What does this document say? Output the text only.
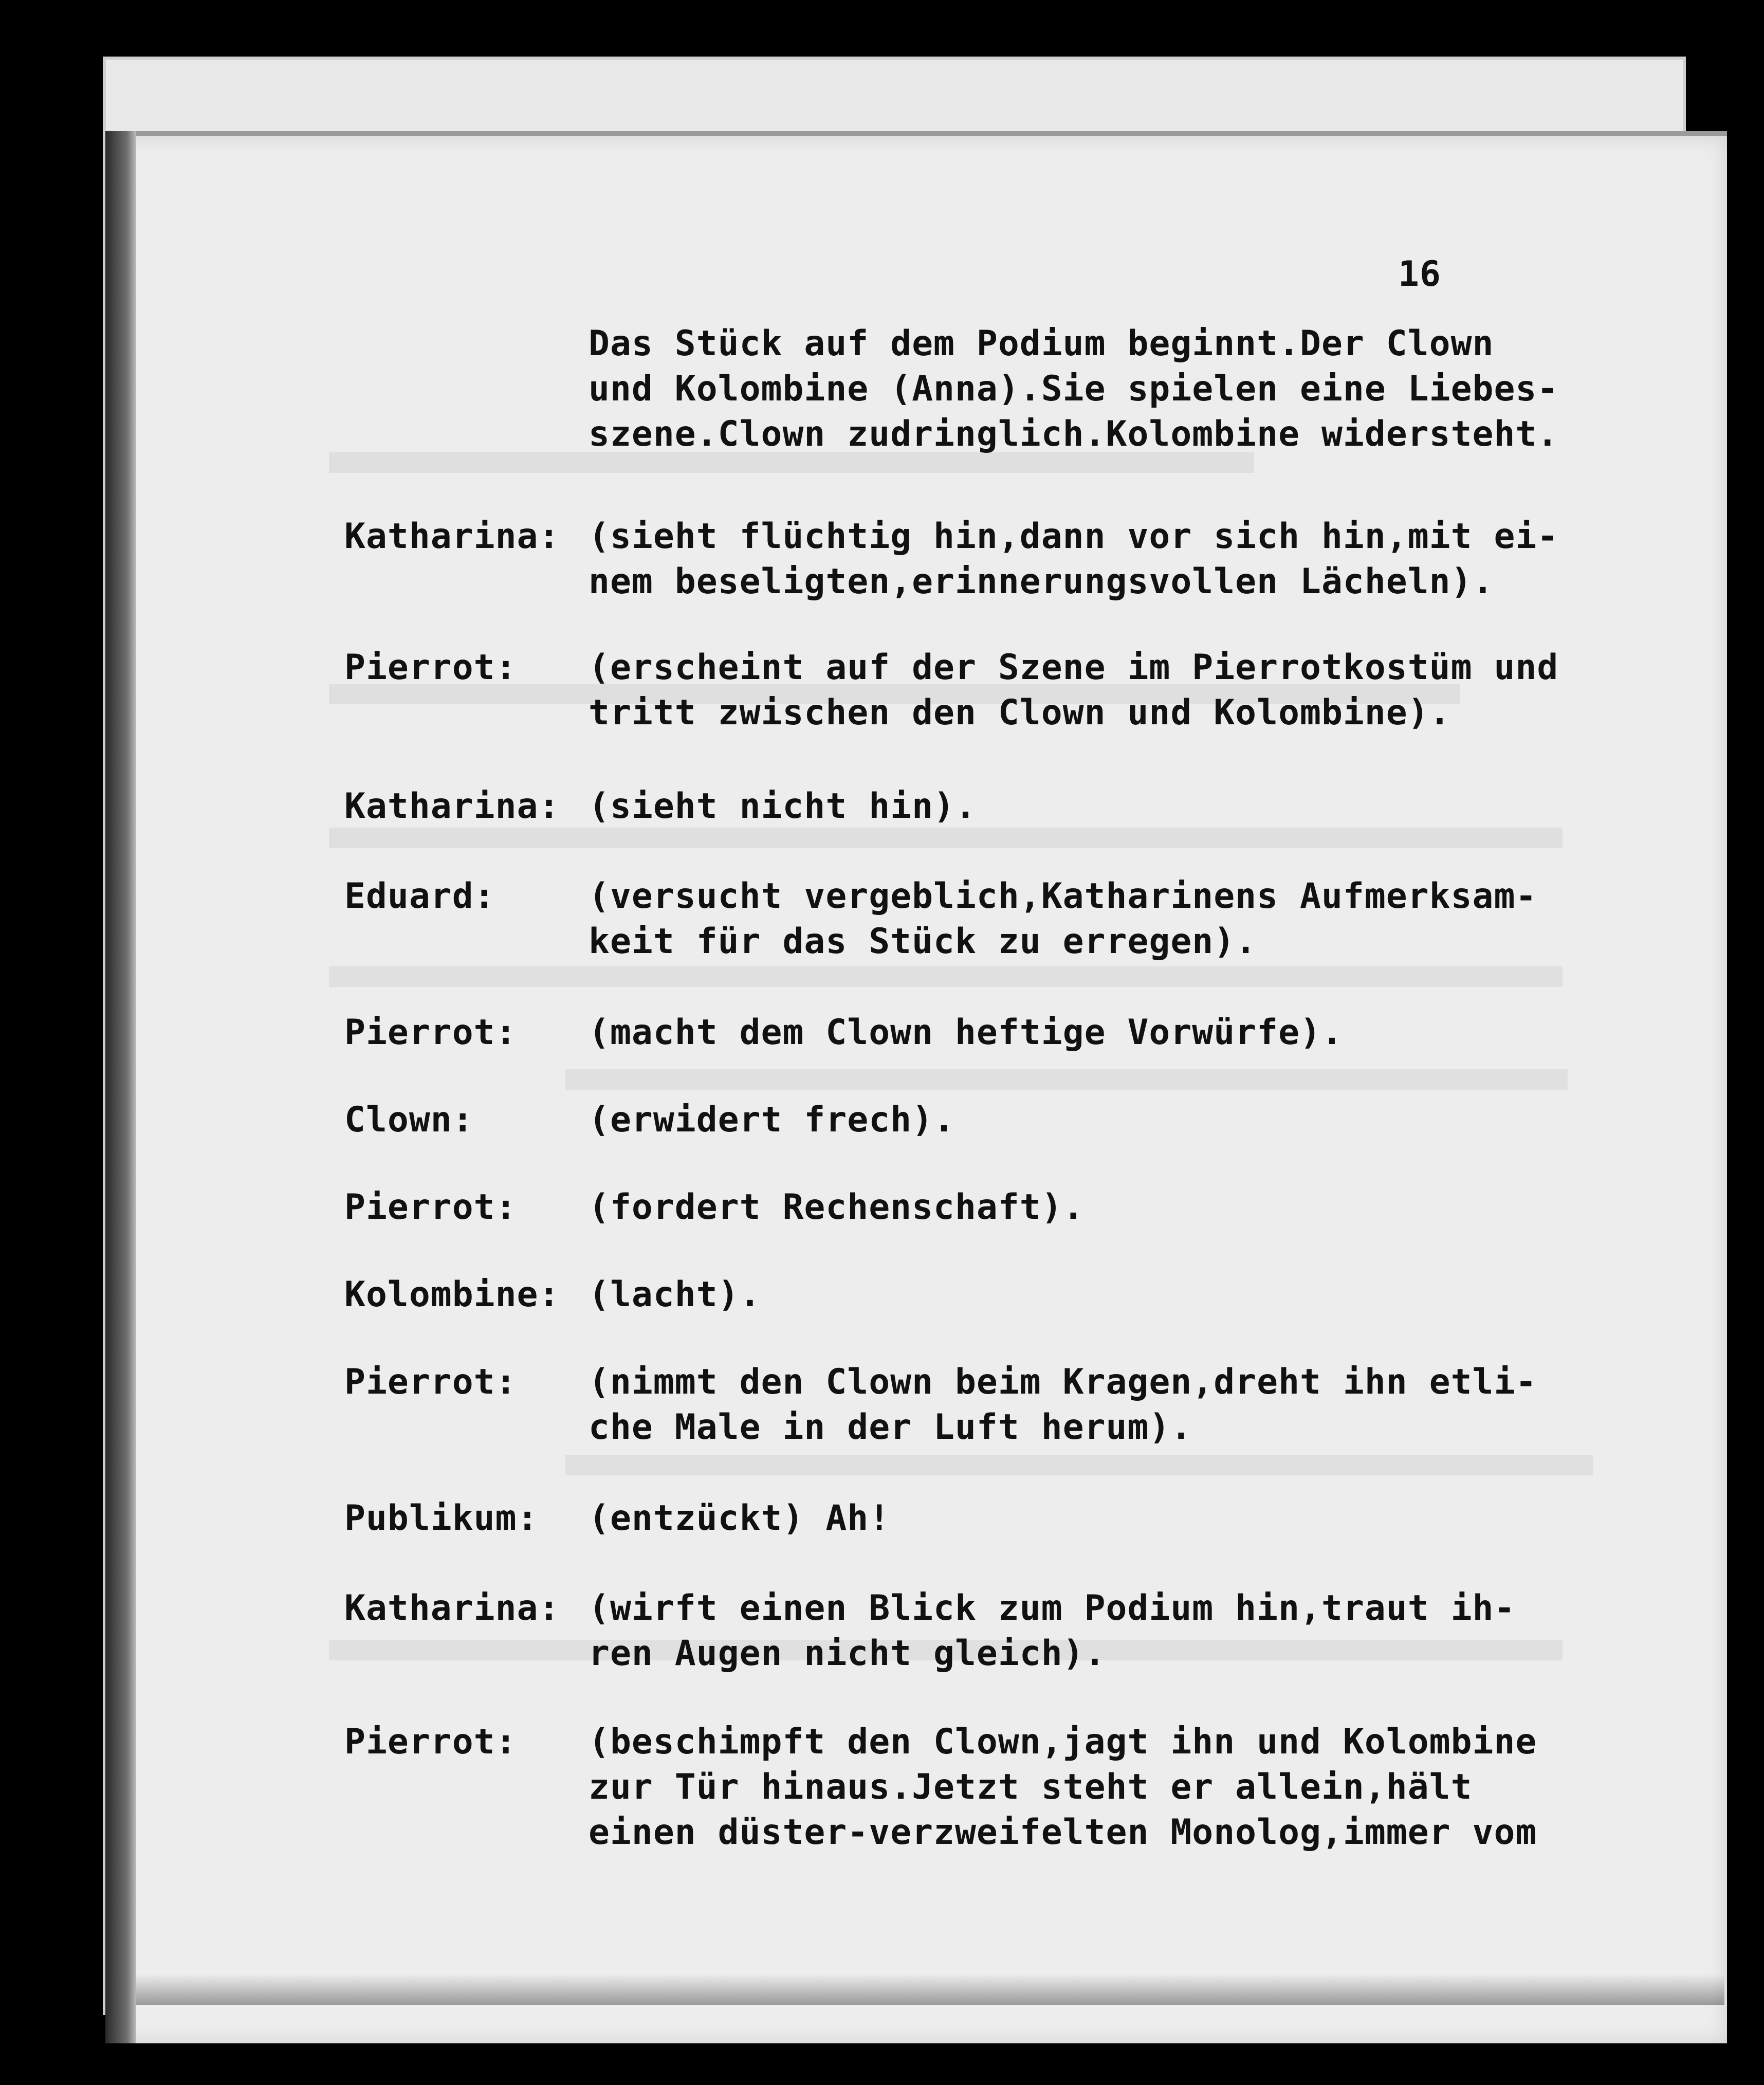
16
Das Stück auf dem Podium beginnt.Der Clown
und Kolombine (Anna).Sie spielen eine Liebes-
szene.Clown zudringlich.Kolombine widersteht.
Katharina: (sieht flüchtig hin,dann vor sich hin,mit ei-
nem beseligten,erinnerungsvollen Lächeln).
Pierrot: (erscheint auf der Szene im Pierrotkostüm und
tritt zwischen den Clown und Kolombine).
Katharina: (sieht nicht hin).
Eduard:	(versucht vergeblich,Katharinens Aufmerksam-
keit für das Stück zu erregen).
Pierrot: (macht dem Clown heftige Vorwürfe).
Clown:	(erwidert frech).
Pierrot: (fordert Rechenschaft).
Kolombine: (lacht).
Pierrot: (nimmt den Clown beim Kragen,dreht ihn etli-
che Male in der Luft herum).
Publikum: (entzückt) Ah!
Katharina: (wirft einen Blick zum Podium hin,traut ih-
ren Augen nicht gleich).
Pierrot: (beschimpft den Clown,jagt ihn und Kolombine
zur Tür hinaus.Jetzt steht er allein,hält
einen düster-verzweifelten Monolog,immer vom
